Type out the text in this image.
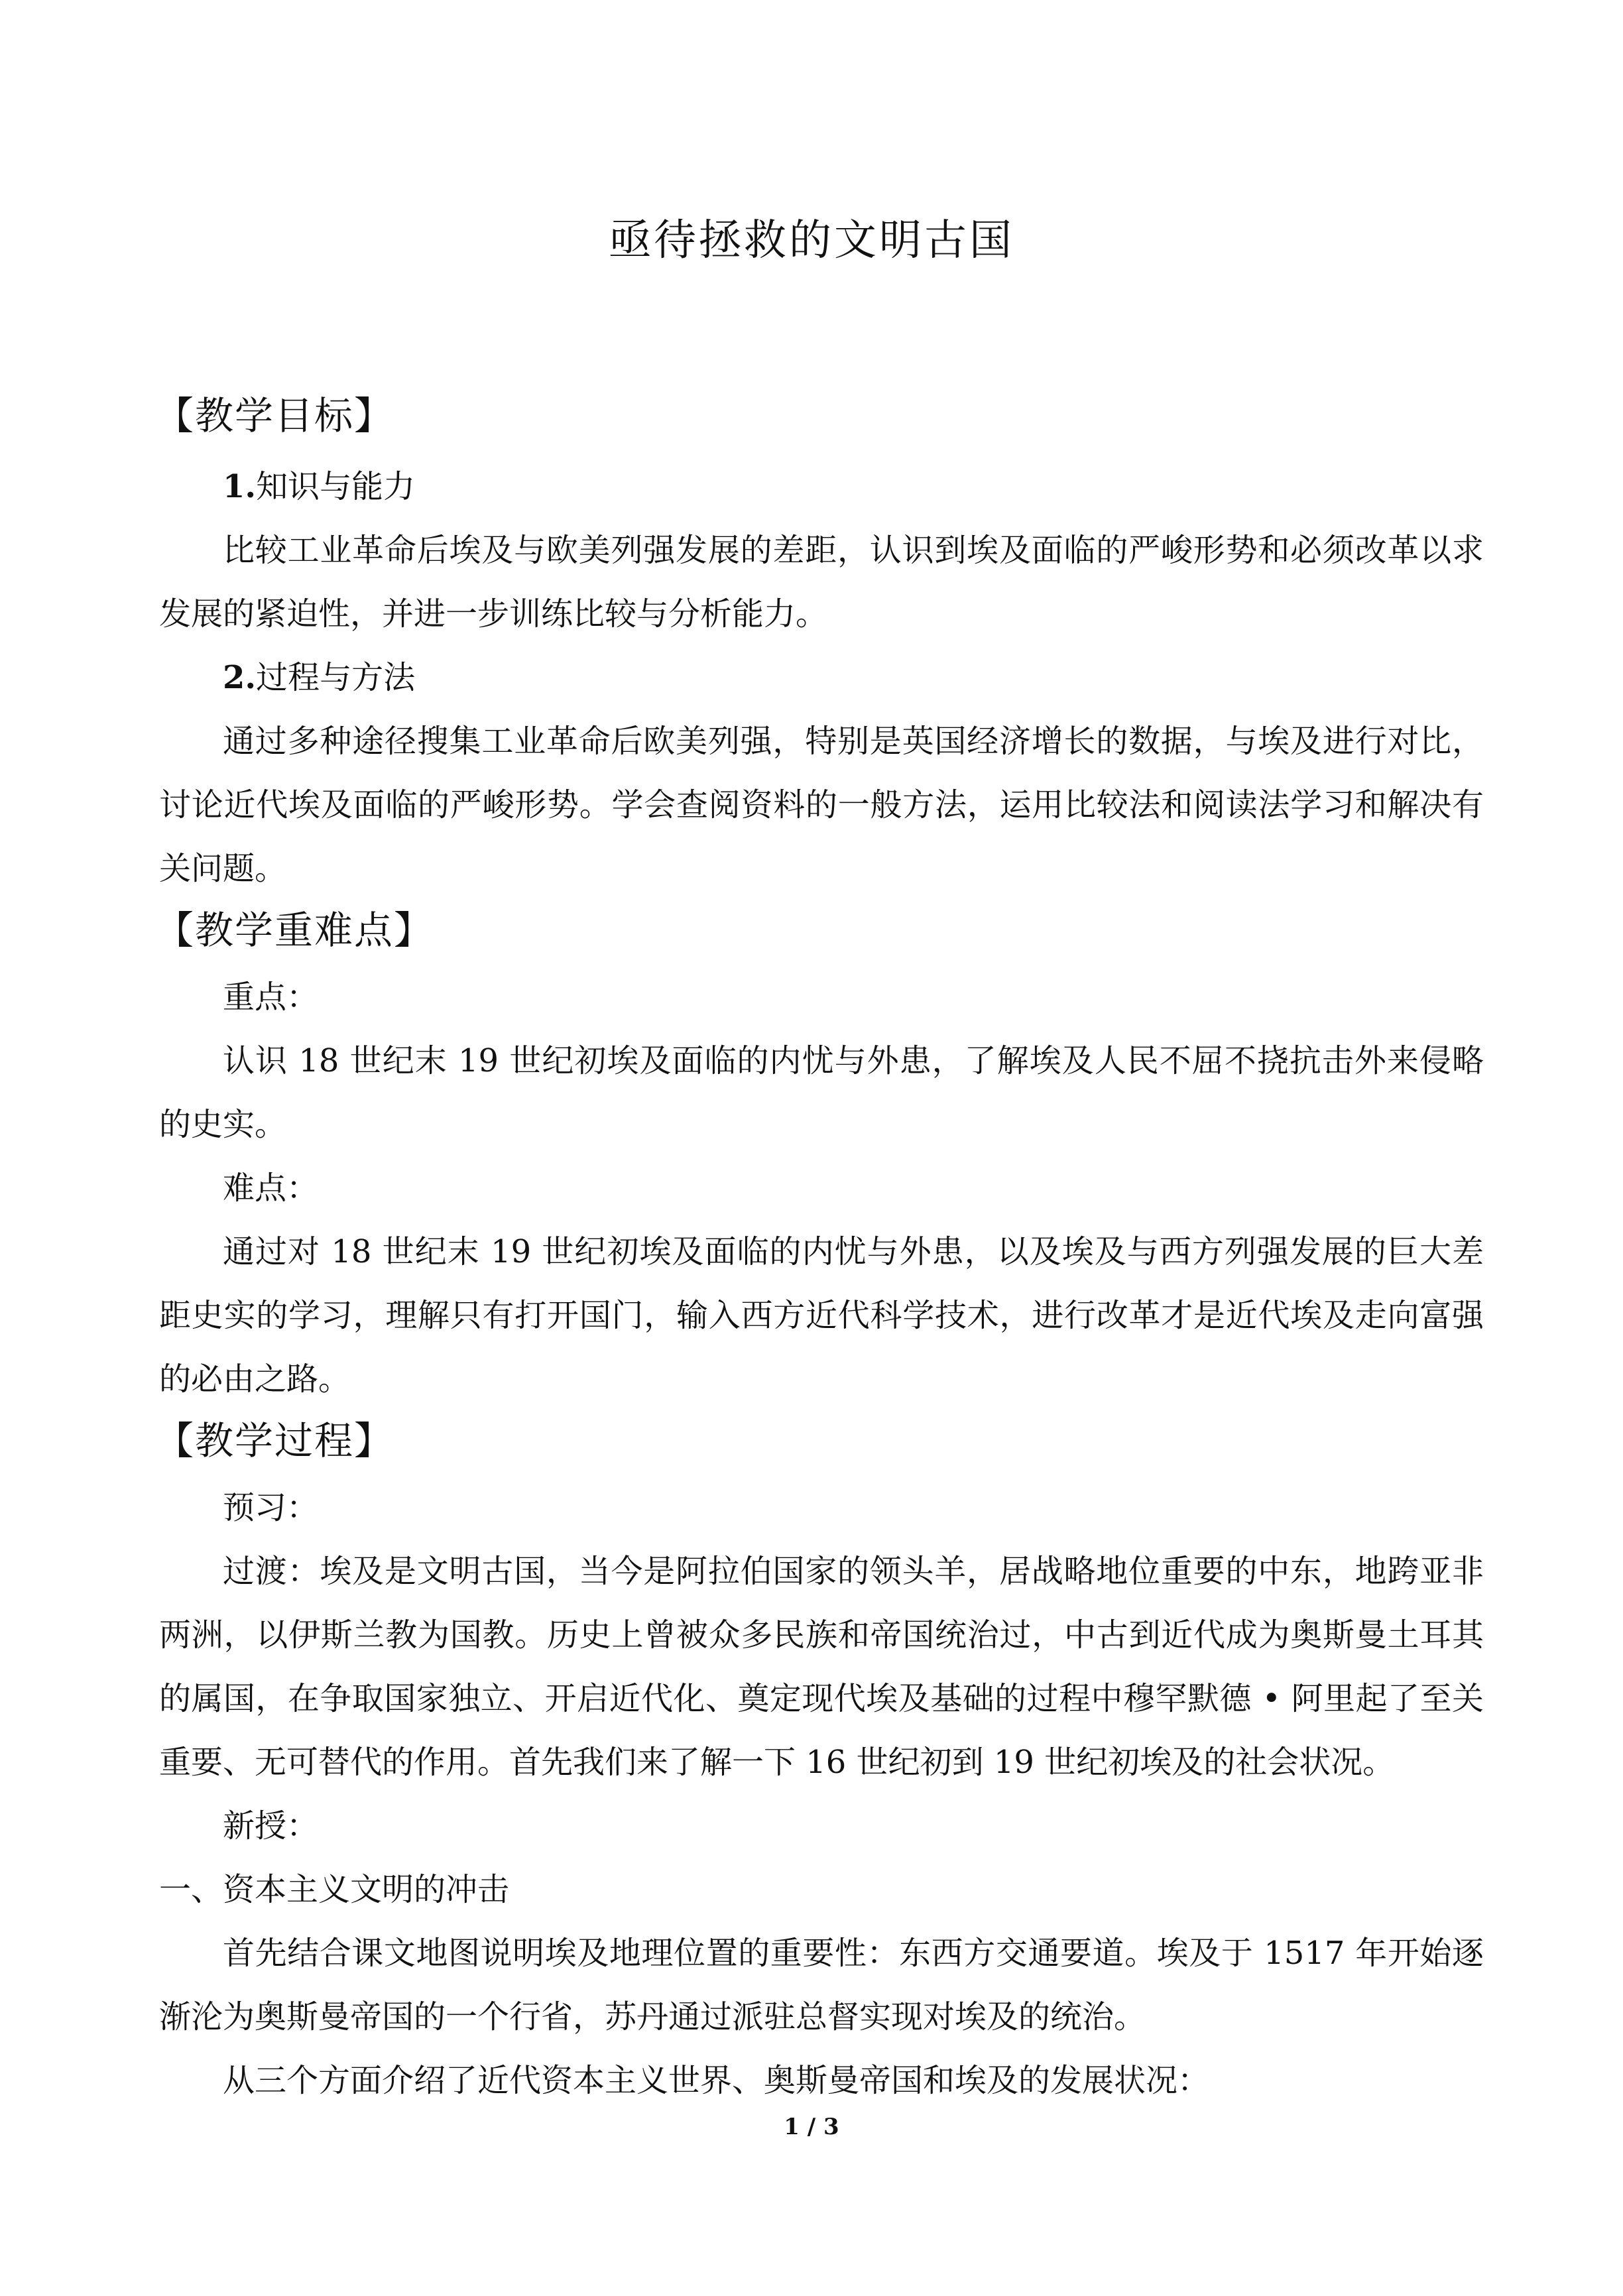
亟待拯救的文明古国
【教学目标】
1.知识与能力
比较工业革命后埃及与欧美列强发展的差距，认识到埃及面临的严峻形势和必须改革以求发展的紧迫性，并进一步训练比较与分析能力。
2.过程与方法
通过多种途径搜集工业革命后欧美列强，特别是英国经济增长的数据，与埃及进行对比，讨论近代埃及面临的严峻形势。学会查阅资料的一般方法，运用比较法和阅读法学习和解决有关问题。
【教学重难点】
重点：
认识 18 世纪末 19 世纪初埃及面临的内忧与外患，了解埃及人民不屈不挠抗击外来侵略的史实。
难点：
通过对 18 世纪末 19 世纪初埃及面临的内忧与外患，以及埃及与西方列强发展的巨大差距史实的学习，理解只有打开国门，输入西方近代科学技术，进行改革才是近代埃及走向富强的必由之路。
【教学过程】
预习：
过渡：埃及是文明古国，当今是阿拉伯国家的领头羊，居战略地位重要的中东，地跨亚非两洲，以伊斯兰教为国教。历史上曾被众多民族和帝国统治过，中古到近代成为奥斯曼土耳其的属国，在争取国家独立、开启近代化、奠定现代埃及基础的过程中穆罕默德 • 阿里起了至关重要、无可替代的作用。首先我们来了解一下 16 世纪初到 19 世纪初埃及的社会状况。
新授：
一、资本主义文明的冲击
首先结合课文地图说明埃及地理位置的重要性：东西方交通要道。埃及于 1517 年开始逐渐沦为奥斯曼帝国的一个行省，苏丹通过派驻总督实现对埃及的统治。
从三个方面介绍了近代资本主义世界、奥斯曼帝国和埃及的发展状况：
1 / 3
